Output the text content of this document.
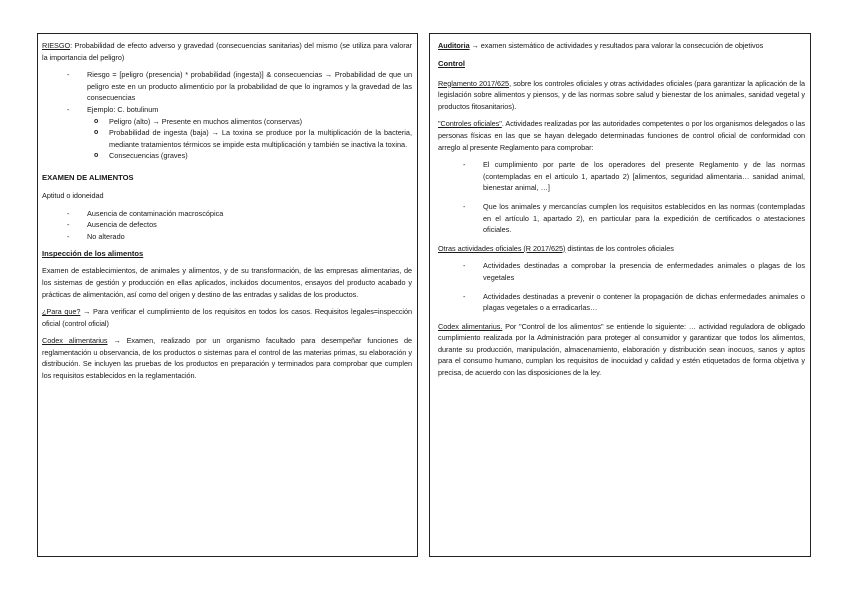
RIESGO: Probabilidad de efecto adverso y gravedad (consecuencias sanitarias) del mismo (se utiliza para valorar la importancia del peligro)

- Riesgo = [peligro (presencia) * probabilidad (ingesta)] & consecuencias → Probabilidad de que un peligro este en un producto alimenticio por la probabilidad de que lo ingramos y la gravedad de las consecuencias
- Ejemplo: C. botulinum
o Peligro (alto) → Presente en muchos alimentos (conservas)
o Probabilidad de ingesta (baja) → La toxina se produce por la multiplicación de la bacteria, mediante tratamientos térmicos se impide esta multiplicación y también se inactiva la toxina.
o Consecuencias (graves)
EXAMEN DE ALIMENTOS

Aptitud o idoneidad

- Ausencia de contaminación macroscópica
- Ausencia de defectos
- No alterado
Inspección de los alimentos

Examen de establecimientos, de animales y alimentos, y de su transformación, de las empresas alimentarias, de los sistemas de gestión y producción en ellas aplicados, incluidos documentos, ensayos del producto acabado y prácticas de alimentación, así como del origen y destino de las entradas y salidas de los productos.

¿Para que? → Para verificar el cumplimiento de los requisitos en todos los casos. Requisitos legales=inspección oficial (control oficial)

Codex alimentarius → Examen, realizado por un organismo facultado para desempeñar funciones de reglamentación u observancia, de los productos o sistemas para el control de las materias primas, su elaboración y distribución. Se incluyen las pruebas de los productos en preparación y terminados para comprobar que cumplen los requisitos establecidos en la reglamentación.

Auditoria → examen sistemático de actividades y resultados para valorar la consecución de objetivos

Control

Reglamento 2017/625, sobre los controles oficiales y otras actividades oficiales (para garantizar la aplicación de la legislación sobre alimentos y piensos, y de las normas sobre salud y bienestar de los animales, sanidad vegetal y productos fitosanitarios).

"Controles oficiales". Actividades realizadas por las autoridades competentes o por los organismos delegados o las personas físicas en las que se hayan delegado determinadas funciones de control oficial de conformidad con arreglo al presente Reglamento para comprobar:

- El cumplimiento por parte de los operadores del presente Reglamento y de las normas (contempladas en el articulo 1, apartado 2) [alimentos, seguridad alimentaria… sanidad animal, bienestar animal, …]
- Que los animales y mercancías cumplen los requisitos establecidos en las normas (contempladas en el artículo 1, apartado 2), en particular para la expedición de certificados o atestaciones oficiales.

Otras actividades oficiales (R 2017/625) distintas de los controles oficiales

- Actividades destinadas a comprobar la presencia de enfermedades animales o plagas de los vegetales
- Actividades destinadas a prevenir o contener la propagación de dichas enfermedades animales o plagas vegetales o a erradicarlas…

Codex alimentarius. Por "Control de los alimentos" se entiende lo siguiente: … actividad reguladora de obligado cumplimiento realizada por la Administración para proteger al consumidor y garantizar que todos los alimentos, durante su producción, manipulación, almacenamiento, elaboración y distribución sean inocuos, sanos y aptos para el consumo humano, cumplan los requisitos de inocuidad y calidad y estén etiquetados de forma objetiva y precisa, de acuerdo con las disposiciones de la ley.
